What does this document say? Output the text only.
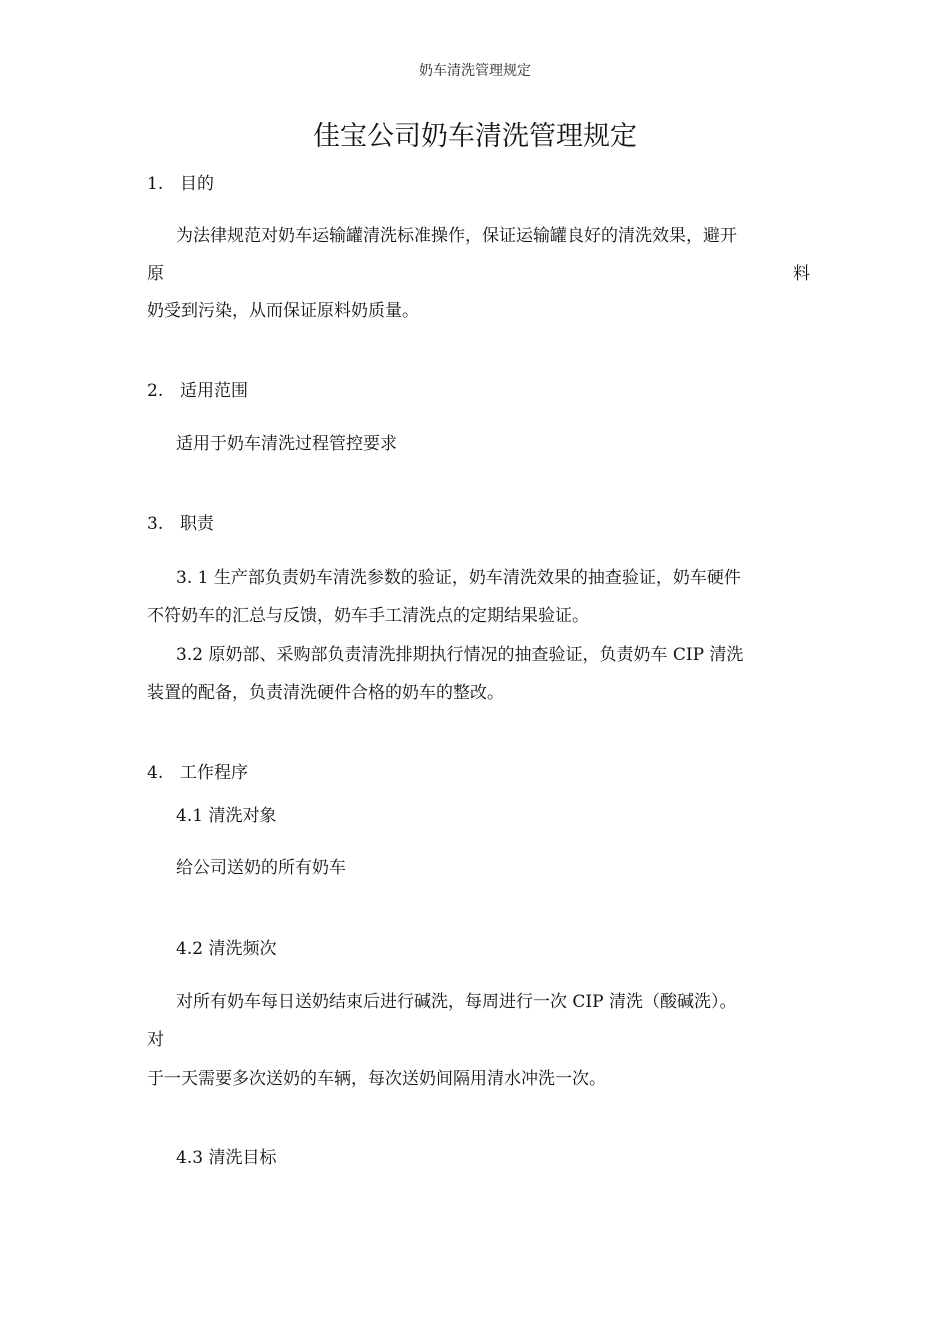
奶车清洗管理规定
佳宝公司奶车清洗管理规定
1. 目的
为法律规范对奶车运输罐清洗标准操作，保证运输罐良好的清洗效果，避开
原	料
奶受到污染，从而保证原料奶质量。
2. 适用范围
适用于奶车清洗过程管控要求
3. 职责
3. 1 生产部负责奶车清洗参数的验证，奶车清洗效果的抽查验证，奶车硬件
不符奶车的汇总与反馈，奶车手工清洗点的定期结果验证。
3.2 原奶部、采购部负责清洗排期执行情况的抽查验证，负责奶车 CIP 清洗
装置的配备，负责清洗硬件合格的奶车的整改。
4. 工作程序
4.1 清洗对象
给公司送奶的所有奶车
4.2 清洗频次
对所有奶车每日送奶结束后进行碱洗，每周进行一次 CIP 清洗（酸碱洗）。
对
于一天需要多次送奶的车辆，每次送奶间隔用清水冲洗一次。
4.3 清洗目标
